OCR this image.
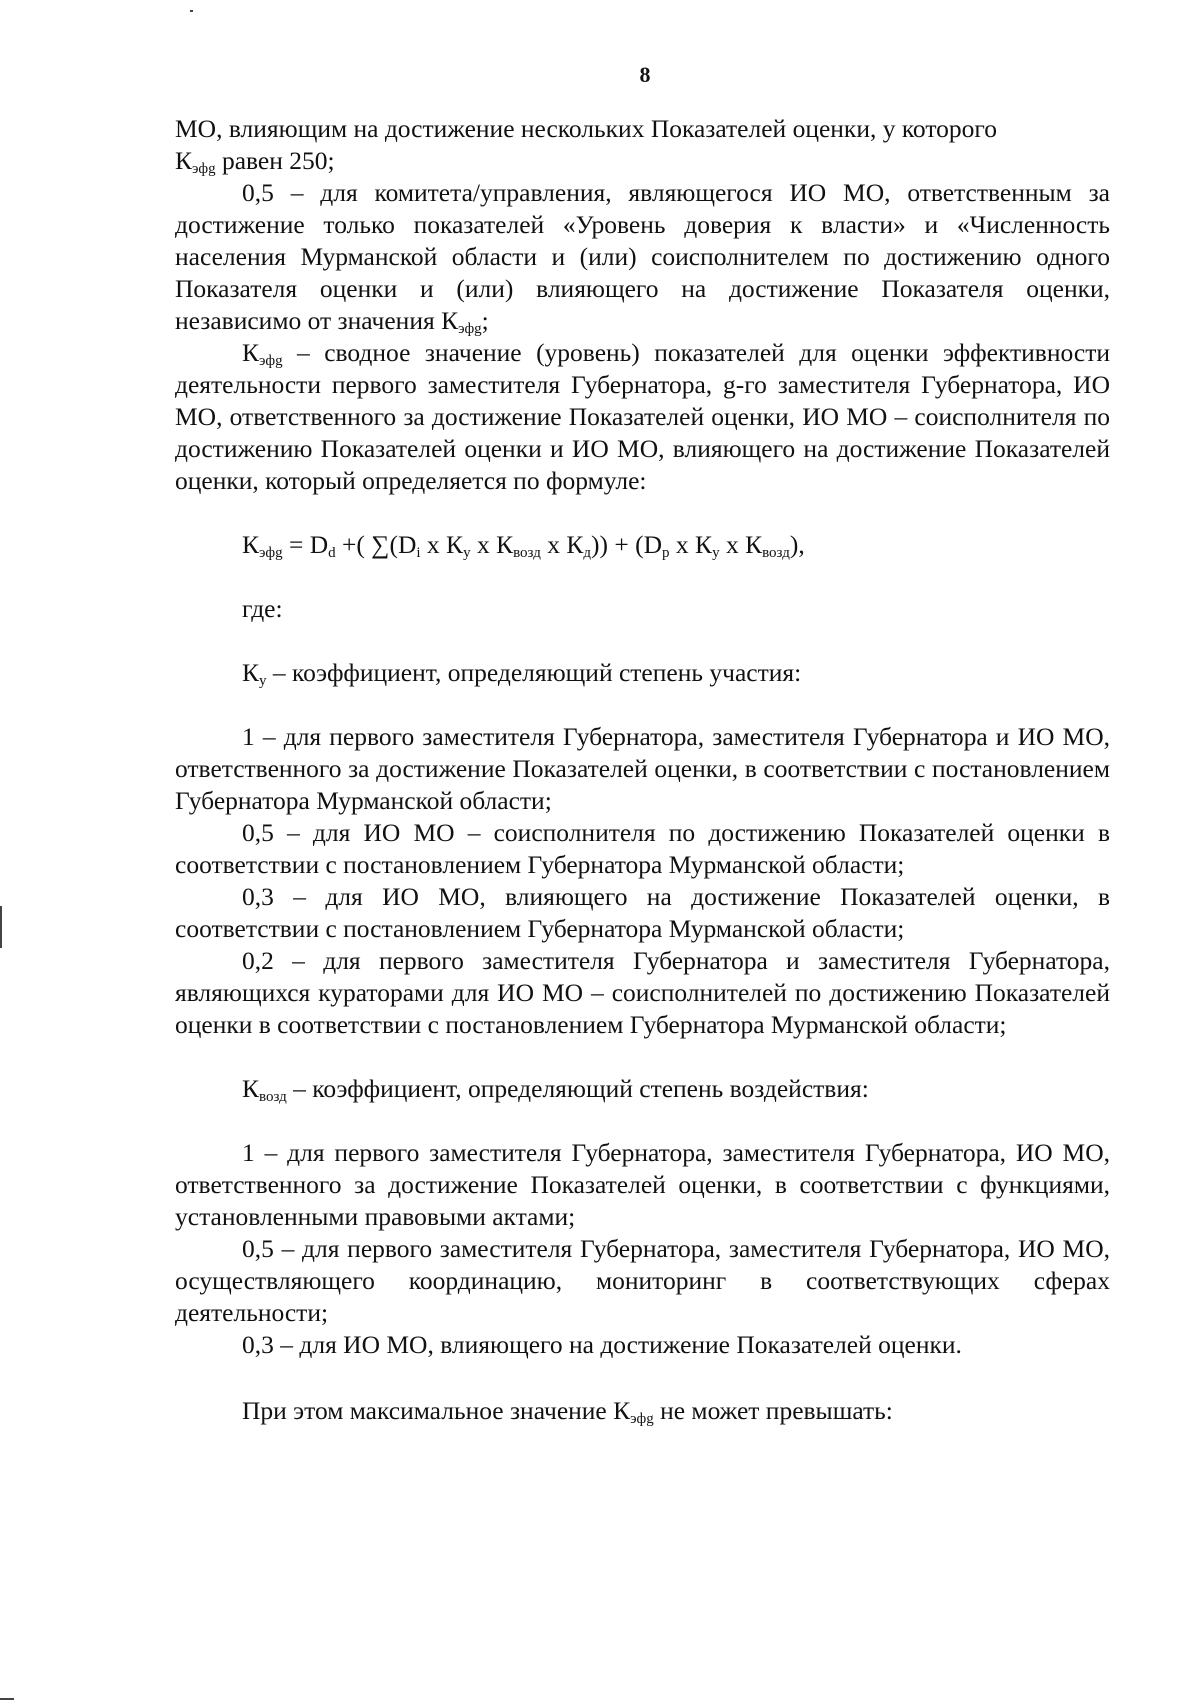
8

МО, влияющим на достижение нескольких Показателей оценки, у которого
$К_{эфg}$ равен 250;

0,5 – для комитета/управления, являющегося ИО МО, ответственным за достижение только показателей «Уровень доверия к власти» и «Численность населения Мурманской области и (или) соисполнителем по достижению одного Показателя оценки и (или) влияющего на достижение Показателя оценки, независимо от значения $К_{эфg}$;

$К_{эфg}$ – сводное значение (уровень) показателей для оценки эффективности деятельности первого заместителя Губернатора, g-го заместителя Губернатора, ИО МО, ответственного за достижение Показателей оценки, ИО МО – соисполнителя по достижению Показателей оценки и ИО МО, влияющего на достижение Показателей оценки, который определяется по формуле:

$К_{эфg} = D_d$ +( $\sum(D_i$ х $К_у$ х $К_{возд}$ х $К_д)) + (D_p$ х $К_у$ х $К_{возд}$),

где:

$К_у$ – коэффициент, определяющий степень участия:

1 – для первого заместителя Губернатора, заместителя Губернатора и ИО МО, ответственного за достижение Показателей оценки, в соответствии с постановлением Губернатора Мурманской области;

0,5 – для ИО МО – соисполнителя по достижению Показателей оценки в соответствии с постановлением Губернатора Мурманской области;

0,3 – для ИО МО, влияющего на достижение Показателей оценки, в соответствии с постановлением Губернатора Мурманской области;

0,2 – для первого заместителя Губернатора и заместителя Губернатора, являющихся кураторами для ИО МО – соисполнителей по достижению Показателей оценки в соответствии с постановлением Губернатора Мурманской области;

$К_{возд}$ – коэффициент, определяющий степень воздействия:

1 – для первого заместителя Губернатора, заместителя Губернатора, ИО МО, ответственного за достижение Показателей оценки, в соответствии с функциями, установленными правовыми актами;

0,5 – для первого заместителя Губернатора, заместителя Губернатора, ИО МО, осуществляющего координацию, мониторинг в соответствующих сферах деятельности;

0,3 – для ИО МО, влияющего на достижение Показателей оценки.

При этом максимальное значение $К_{эфg}$ не может превышать:
